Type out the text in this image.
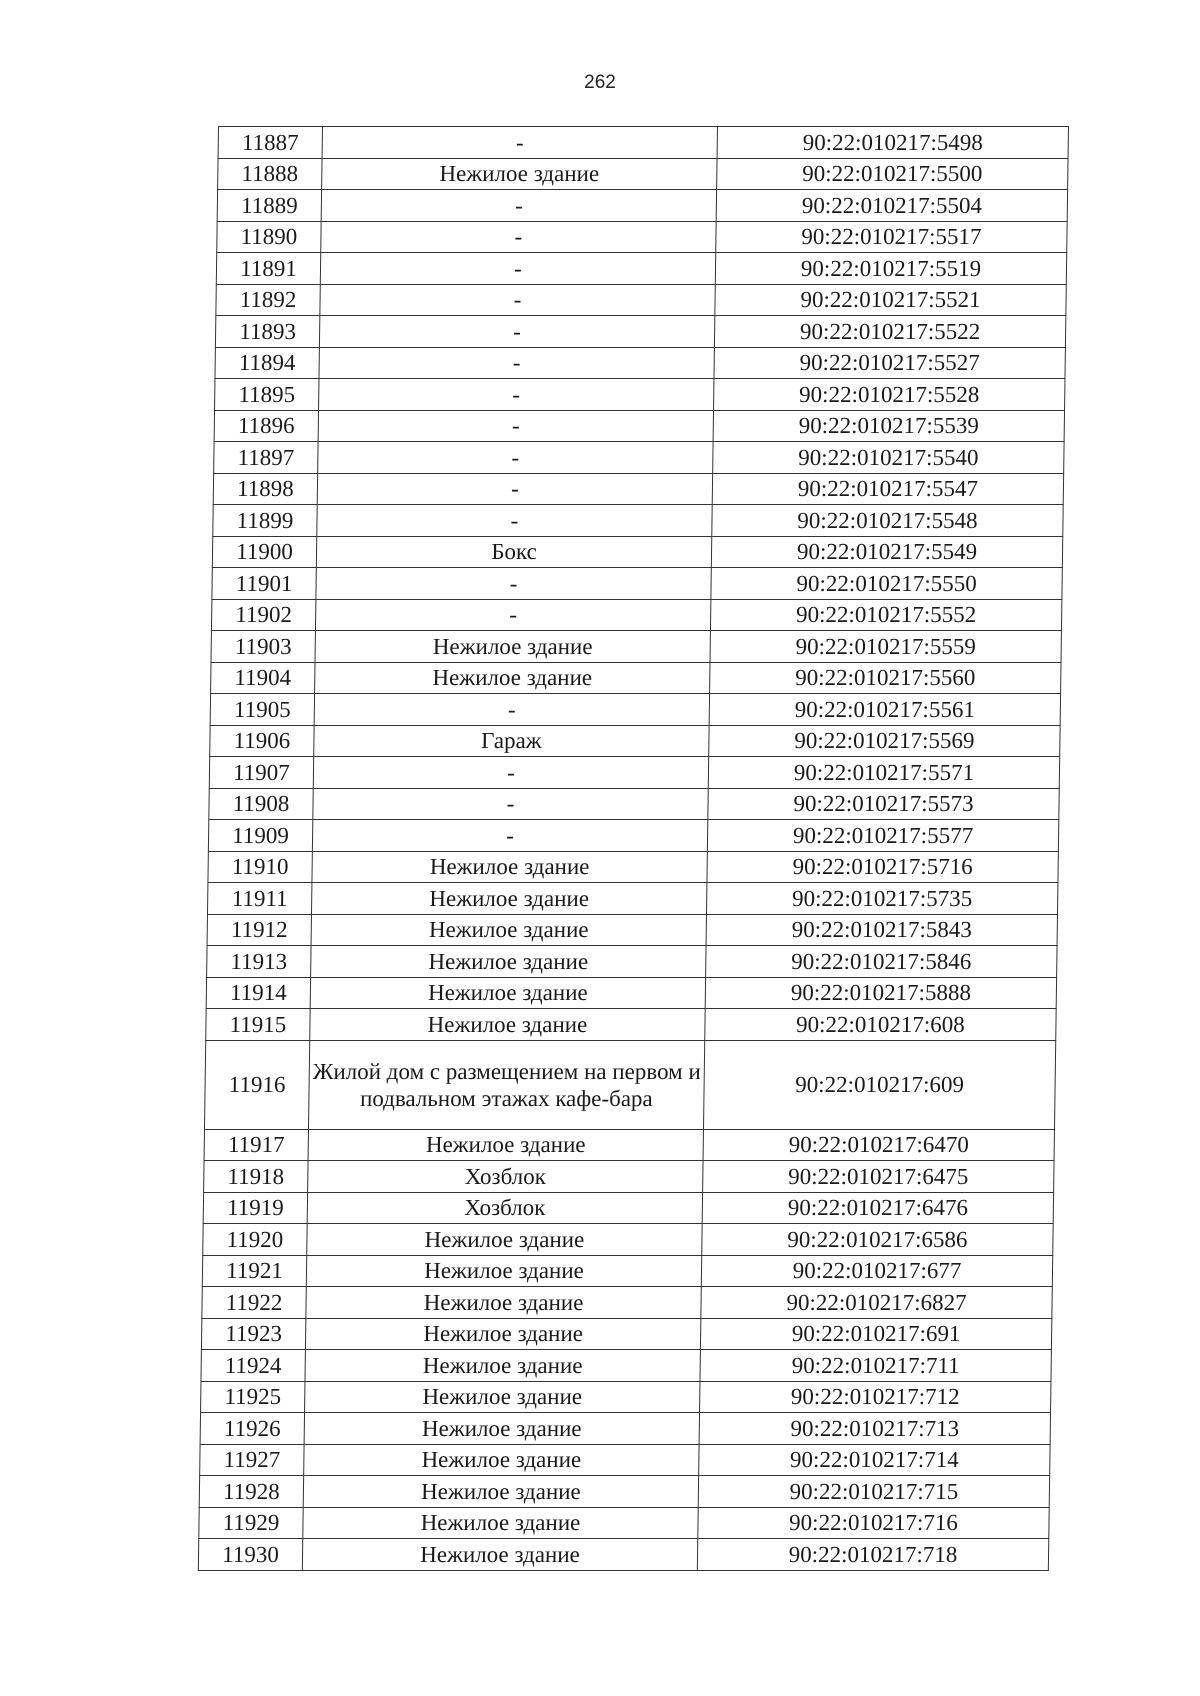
262
11887	-	90:22:010217:5498
11888	Нежилое здание	90:22:010217:5500
11889	-	90:22:010217:5504
11890	-	90:22:010217:5517
11891	-	90:22:010217:5519
11892	-	90:22:010217:5521
11893	-	90:22:010217:5522
11894	-	90:22:010217:5527
11895	-	90:22:010217:5528
11896	-	90:22:010217:5539
11897	-	90:22:010217:5540
11898	-	90:22:010217:5547
11899	-	90:22:010217:5548
11900	Бокс	90:22:010217:5549
11901	-	90:22:010217:5550
11902	-	90:22:010217:5552
11903	Нежилое здание	90:22:010217:5559
11904	Нежилое здание	90:22:010217:5560
11905	-	90:22:010217:5561
11906	Гараж	90:22:010217:5569
11907	-	90:22:010217:5571
11908	-	90:22:010217:5573
11909	-	90:22:010217:5577
11910	Нежилое здание	90:22:010217:5716
11911	Нежилое здание	90:22:010217:5735
11912	Нежилое здание	90:22:010217:5843
11913	Нежилое здание	90:22:010217:5846
11914	Нежилое здание	90:22:010217:5888
11915	Нежилое здание	90:22:010217:608
11916	Жилой дом с размещением на первом и подвальном этажах кафе-бара	90:22:010217:609
11917	Нежилое здание	90:22:010217:6470
11918	Хозблок	90:22:010217:6475
11919	Хозблок	90:22:010217:6476
11920	Нежилое здание	90:22:010217:6586
11921	Нежилое здание	90:22:010217:677
11922	Нежилое здание	90:22:010217:6827
11923	Нежилое здание	90:22:010217:691
11924	Нежилое здание	90:22:010217:711
11925	Нежилое здание	90:22:010217:712
11926	Нежилое здание	90:22:010217:713
11927	Нежилое здание	90:22:010217:714
11928	Нежилое здание	90:22:010217:715
11929	Нежилое здание	90:22:010217:716
11930	Нежилое здание	90:22:010217:718
